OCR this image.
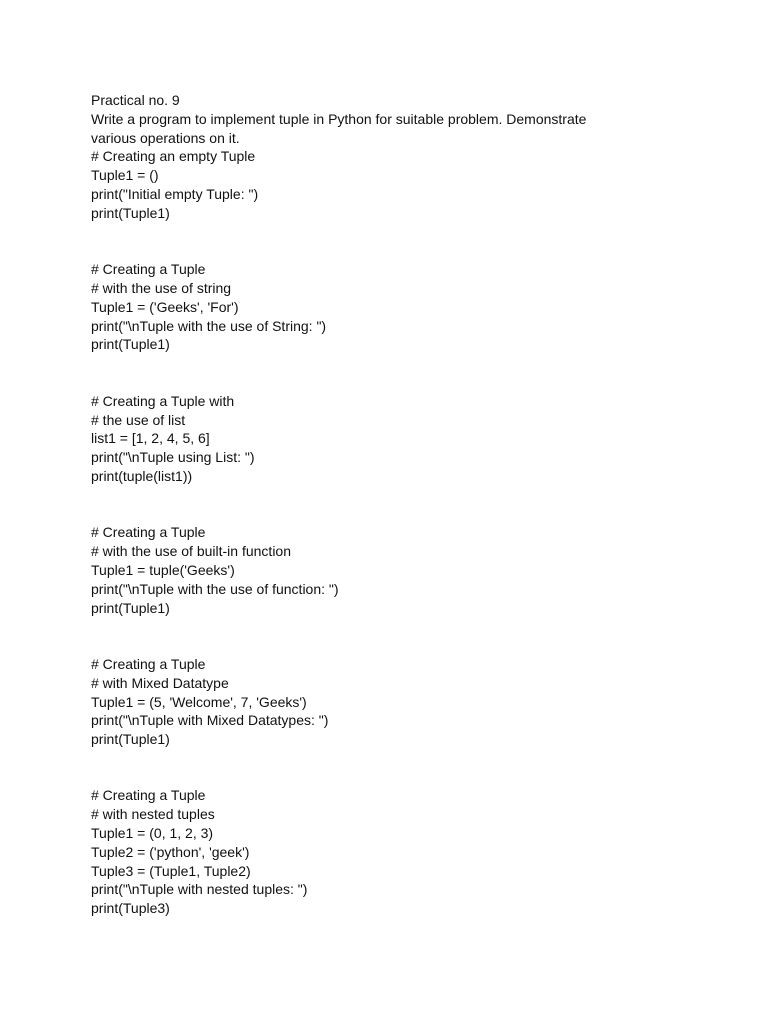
Practical no. 9

Write a program to implement tuple in Python for suitable problem. Demonstrate

various operations on it.

# Creating an empty Tuple

Tuple1 = ()

print("Initial empty Tuple: ")

print(Tuple1)

# Creating a Tuple

# with the use of string

Tuple1 = ('Geeks', 'For')

print("\nTuple with the use of String: ")

print(Tuple1)

# Creating a Tuple with

# the use of list

list1 = [1, 2, 4, 5, 6]

print("\nTuple using List: ")

print(tuple(list1))

# Creating a Tuple

# with the use of built-in function

Tuple1 = tuple('Geeks')

print("\nTuple with the use of function: ")

print(Tuple1)

# Creating a Tuple

# with Mixed Datatype

Tuple1 = (5, 'Welcome', 7, 'Geeks')

print("\nTuple with Mixed Datatypes: ")

print(Tuple1)

# Creating a Tuple

# with nested tuples

Tuple1 = (0, 1, 2, 3)

Tuple2 = ('python', 'geek')

Tuple3 = (Tuple1, Tuple2)

print("\nTuple with nested tuples: ")

print(Tuple3)
